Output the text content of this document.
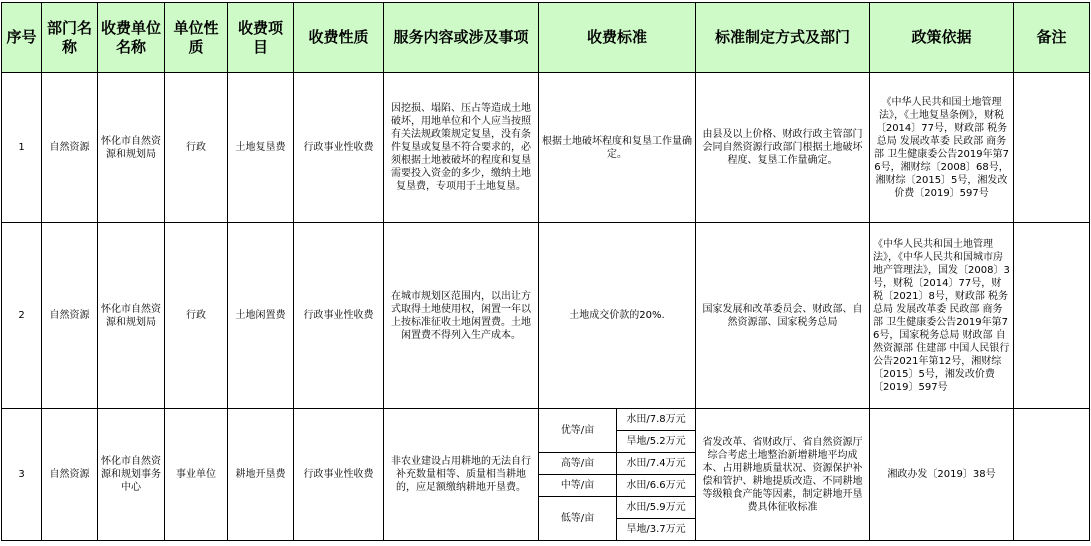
序号	部门名称	收费单位名称	单位性质	收费项目	收费性质	服务内容或涉及事项	收费标准		标准制定方式及部门	政策依据	备注
1	自然资源	怀化市自然资源和规划局	行政	土地复垦费	行政事业性收费	因挖损、塌陷、压占等造成土地破坏，用地单位和个人应当按照有关法规政策规定复垦，没有条件复垦或复垦不符合要求的，必须根据土地被破坏的程度和复垦需要投入资金的多少，缴纳土地复垦费，专项用于土地复垦。	根据土地破坏程度和复垦工作量确定。		由县及以上价格、财政行政主管部门会同自然资源行政部门根据土地破坏程度、复垦工作量确定。	《中华人民共和国土地管理法》，《土地复垦条例》，财税〔2014〕77号，财政部 税务总局 发展改革委 民政部 商务部 卫生健康委公告2019年第76号，湘财综〔2008〕68号，湘财综〔2015〕5号，湘发改价费〔2019〕597号	
2	自然资源	怀化市自然资源和规划局	行政	土地闲置费	行政事业性收费	在城市规划区范围内，以出让方式取得土地使用权，闲置一年以上按标准征收土地闲置费。土地闲置费不得列入生产成本。	土地成交价款的20%.		国家发展和改革委员会、财政部、自然资源部、国家税务总局	《中华人民共和国土地管理法》，《中华人民共和国城市房地产管理法》，国发〔2008〕3号，财税〔2014〕77号，财税〔2021〕8号，财政部 税务总局 发展改革委 民政部 商务部 卫生健康委公告2019年第76号，国家税务总局 财政部 自然资源部 住建部 中国人民银行公告2021年第12号，湘财综〔2015〕5号，湘发改价费〔2019〕597号	
3	自然资源	怀化市自然资源和规划事务中心	事业单位	耕地开垦费	行政事业性收费	非农业建设占用耕地的无法自行补充数量相等、质量相当耕地的，应足额缴纳耕地开垦费。	优等/亩	水田/7.8万元	省发改革、省财政厅、省自然资源厅综合考虑土地整治新增耕地平均成本、占用耕地质量状况、资源保护补偿和管护、耕地提质改造、不同耕地等级粮食产能等因素，制定耕地开垦费具体征收标准	湘政办发〔2019〕38号	
								旱地/5.2万元			
							高等/亩	水田/7.4万元			
							中等/亩	水田/6.6万元			
							低等/亩	水田/5.9万元			
								旱地/3.7万元			
